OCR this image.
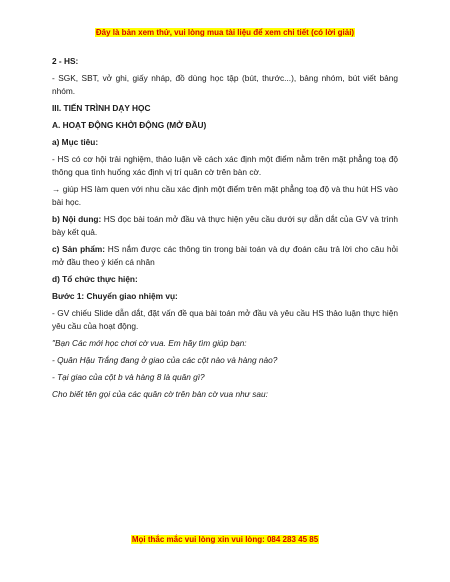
Đây là bản xem thử, vui lòng mua tài liệu để xem chi tiết (có lời giải)

2 - HS:

- SGK, SBT, vở ghi, giấy nháp, đồ dùng học tập (bút, thước...), bảng nhóm, bút viết bảng nhóm.

III. TIẾN TRÌNH DẠY HỌC

A. HOẠT ĐỘNG KHỞI ĐỘNG (MỞ ĐẦU)

a) Mục tiêu:

- HS có cơ hội trải nghiệm, thảo luận về cách xác định một điểm nằm trên mặt phẳng toạ độ thông qua tình huống xác định vị trí quân cờ trên bàn cờ.

→ giúp HS làm quen với nhu cầu xác định một điểm trên mặt phẳng toạ độ và thu hút HS vào bài học.

b) Nội dung: HS đọc bài toán mở đầu và thực hiện yêu cầu dưới sự dẫn dắt của GV và trình bày kết quả.

c) Sản phẩm: HS nắm được các thông tin trong bài toán và dự đoán câu trả lời cho câu hỏi mở đầu theo ý kiến cá nhân

d) Tổ chức thực hiện:

Bước 1: Chuyển giao nhiệm vụ:

- GV chiếu Slide dẫn dắt, đặt vấn đề qua bài toán mở đầu và yêu cầu HS thảo luận thực hiện yêu cầu của hoạt động.

"Bạn Các mới học chơi cờ vua. Em hãy tìm giúp bạn:

- Quân Hậu Trắng đang ở giao của các cột nào và hàng nào?

- Tại giao của cột b và hàng 8 là quân gì?

Cho biết tên gọi của các quân cờ trên bàn cờ vua như sau:

Mọi thắc mắc vui lòng xin vui lòng: 084 283 45 85
